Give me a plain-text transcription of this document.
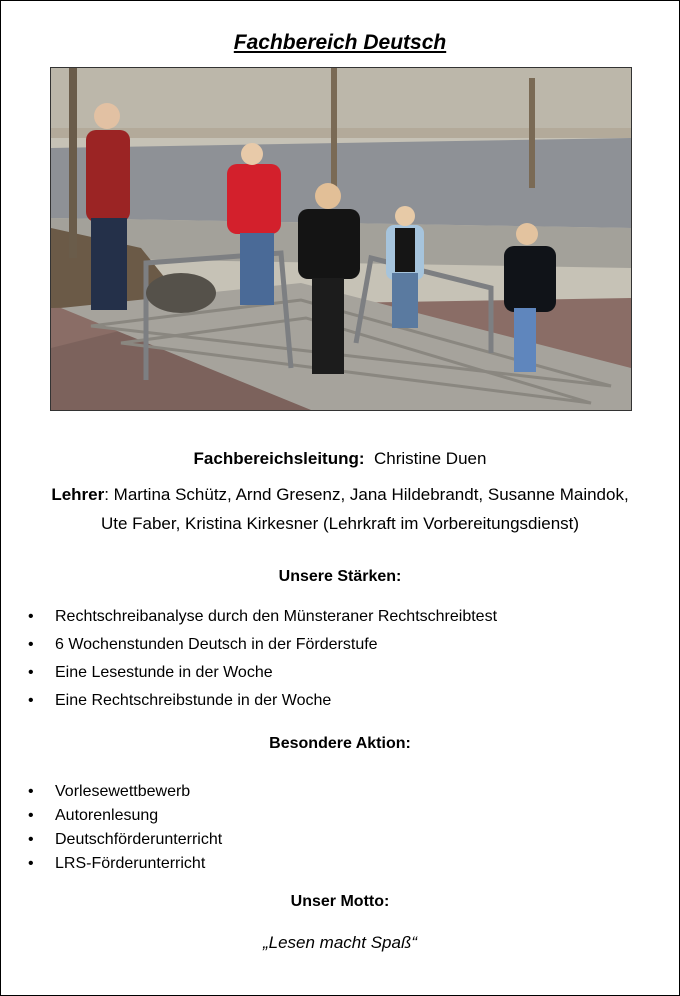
Fachbereich Deutsch
Fachbereichsleitung: Christine Duen
Lehrer: Martina Schütz, Arnd Gresenz, Jana Hildebrandt, Susanne Maindok,
Ute Faber, Kristina Kirkesner (Lehrkraft im Vorbereitungsdienst)
Unsere Stärken:
• Rechtschreibanalyse durch den Münsteraner Rechtschreibtest
• 6 Wochenstunden Deutsch in der Förderstufe
• Eine Lesestunde in der Woche
• Eine Rechtschreibstunde in der Woche
Besondere Aktion:
• Vorlesewettbewerb
• Autorenlesung
• Deutschförderunterricht
• LRS-Förderunterricht
Unser Motto:
„Lesen macht Spaß“
